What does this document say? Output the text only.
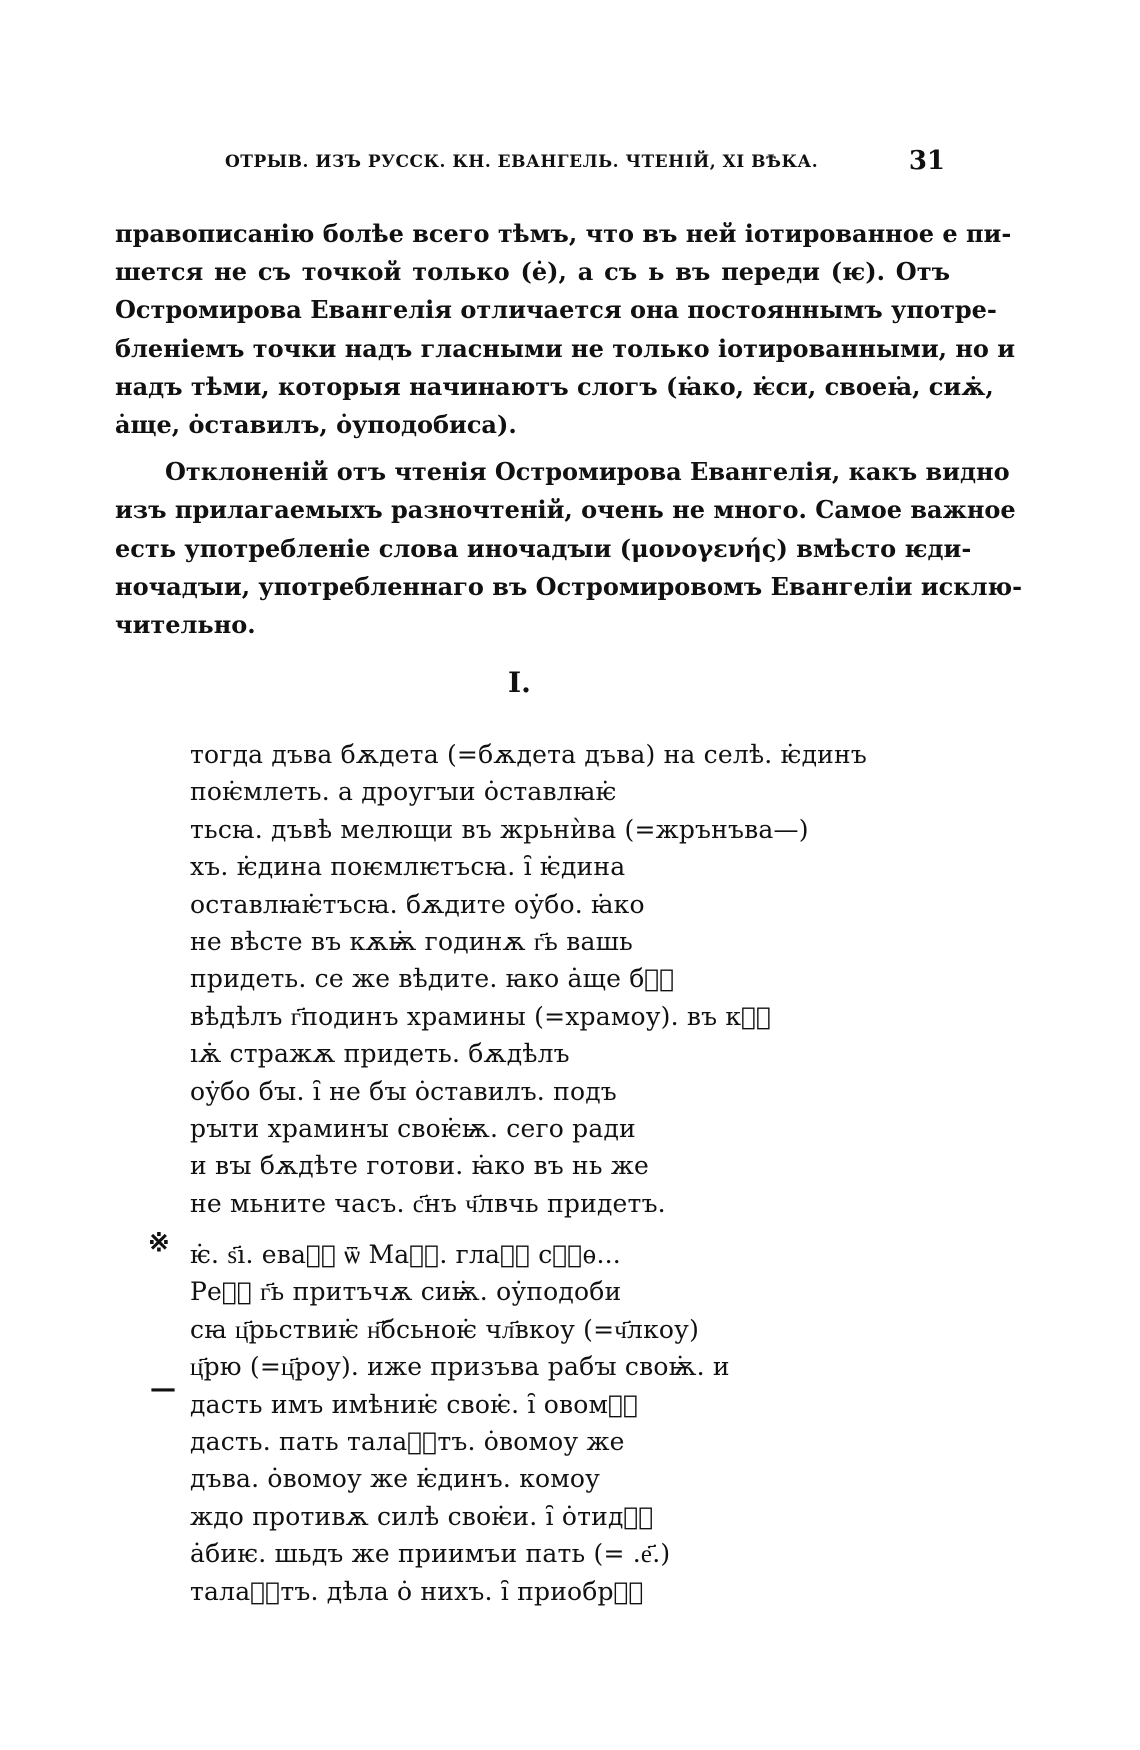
ОТРЫВ. ИЗЪ РУССК. КН. ЕВАНГЕЛЬ. ЧТЕНІЙ, XI ВѢКА.	31
правописанію болѣе всего тѣмъ, что въ ней іотированное е пи-
шется не съ точкой только (ė), а съ ь въ переди (ѥ). Отъ
Остромирова Евангелія отличается она постояннымъ употре-
бленіемъ точки надъ гласными не только іотированными, но и
надъ тѣми, которыя начинаютъ слогъ (ꙗ̇ко, ѥ̇си, своеꙗ̇, сиѫ̇,
ȧще, ȯставилъ, ȯуподобиса).
Отклоненій отъ чтенія Остромирова Евангелія, какъ видно
изъ прилагаемыхъ разночтеній, очень не много. Самое важное
есть употребленіе слова иночадꙑи (μονογενής) вмѣсто ѥди-
ночадꙑи, употребленнаго въ Остромировомъ Евангеліи исклю-
чительно.
I.
тогда дъва бѫдета (=бѫдета дъва) на селѣ. ѥ̇динъ
поѥ̇млеть. а дроугꙑи ȯставлꙗѥ̇
тьсꙗ. дъвѣ мелющи въ жрьнѝва (=жрънъва—)
хъ. ѥ̇дина поѥмлѥтъсꙗ. ȋ ѥ̇дина
оставлꙗѥ̇тъсꙗ. бѫдите оу̇бо. ꙗ̇ко
не вѣсте въ кѫѭ̇ годинѫ г҃ь вашь
придеть. се же вѣдите. ꙗко ȧще бⷪ҇
вѣдѣлъ г҃подинъ храмины (=храмоу). въ кⷪ҇
ıѫ̇ стражѫ придеть. бѫдѣлъ
оу̇бо бꙑ. ȋ не бꙑ ȯставилъ. подъ
рꙑти храминꙑ своѥ̇ѭ. сего ради
и вꙑ бѫдѣте готови. ꙗ̇ко въ нь же
не мьните часъ. с҃нъ ч҃лвчь придетъ.
ѥ̇. ѕ҃ı. еваⷩ҇ ѿ Маⷴ҇. глаⷡ҇ сⷩ҇ѳ...
Реⷱ҇ г҃ь притъчѫ сиѭ̇. оу̇подоби
сꙗ ц҃рьствиѥ̇ н҃бсьноѥ̇ чл҃вкоу (=ч҃лкоу)
ц҃рю (=ц҃роу). иже призъва рабꙑ своѭ̇. и
дасть имъ имѣниѥ̇ своѥ̇. ȋ овомⷪ҇
дасть. пать талаⷩ҇тъ. ȯвомоу же
дъва. ȯвомоу же ѥ̇динъ. комоу
ждо противѫ силѣ своѥ̇и. ȋ ȯтидⷪ҇
ȧбиѥ. шьдъ же приимъи пать (= .е҃.)
талаⷩ҇тъ. дѣла ȯ нихъ. ȋ приобрⷪ҇
※
—
